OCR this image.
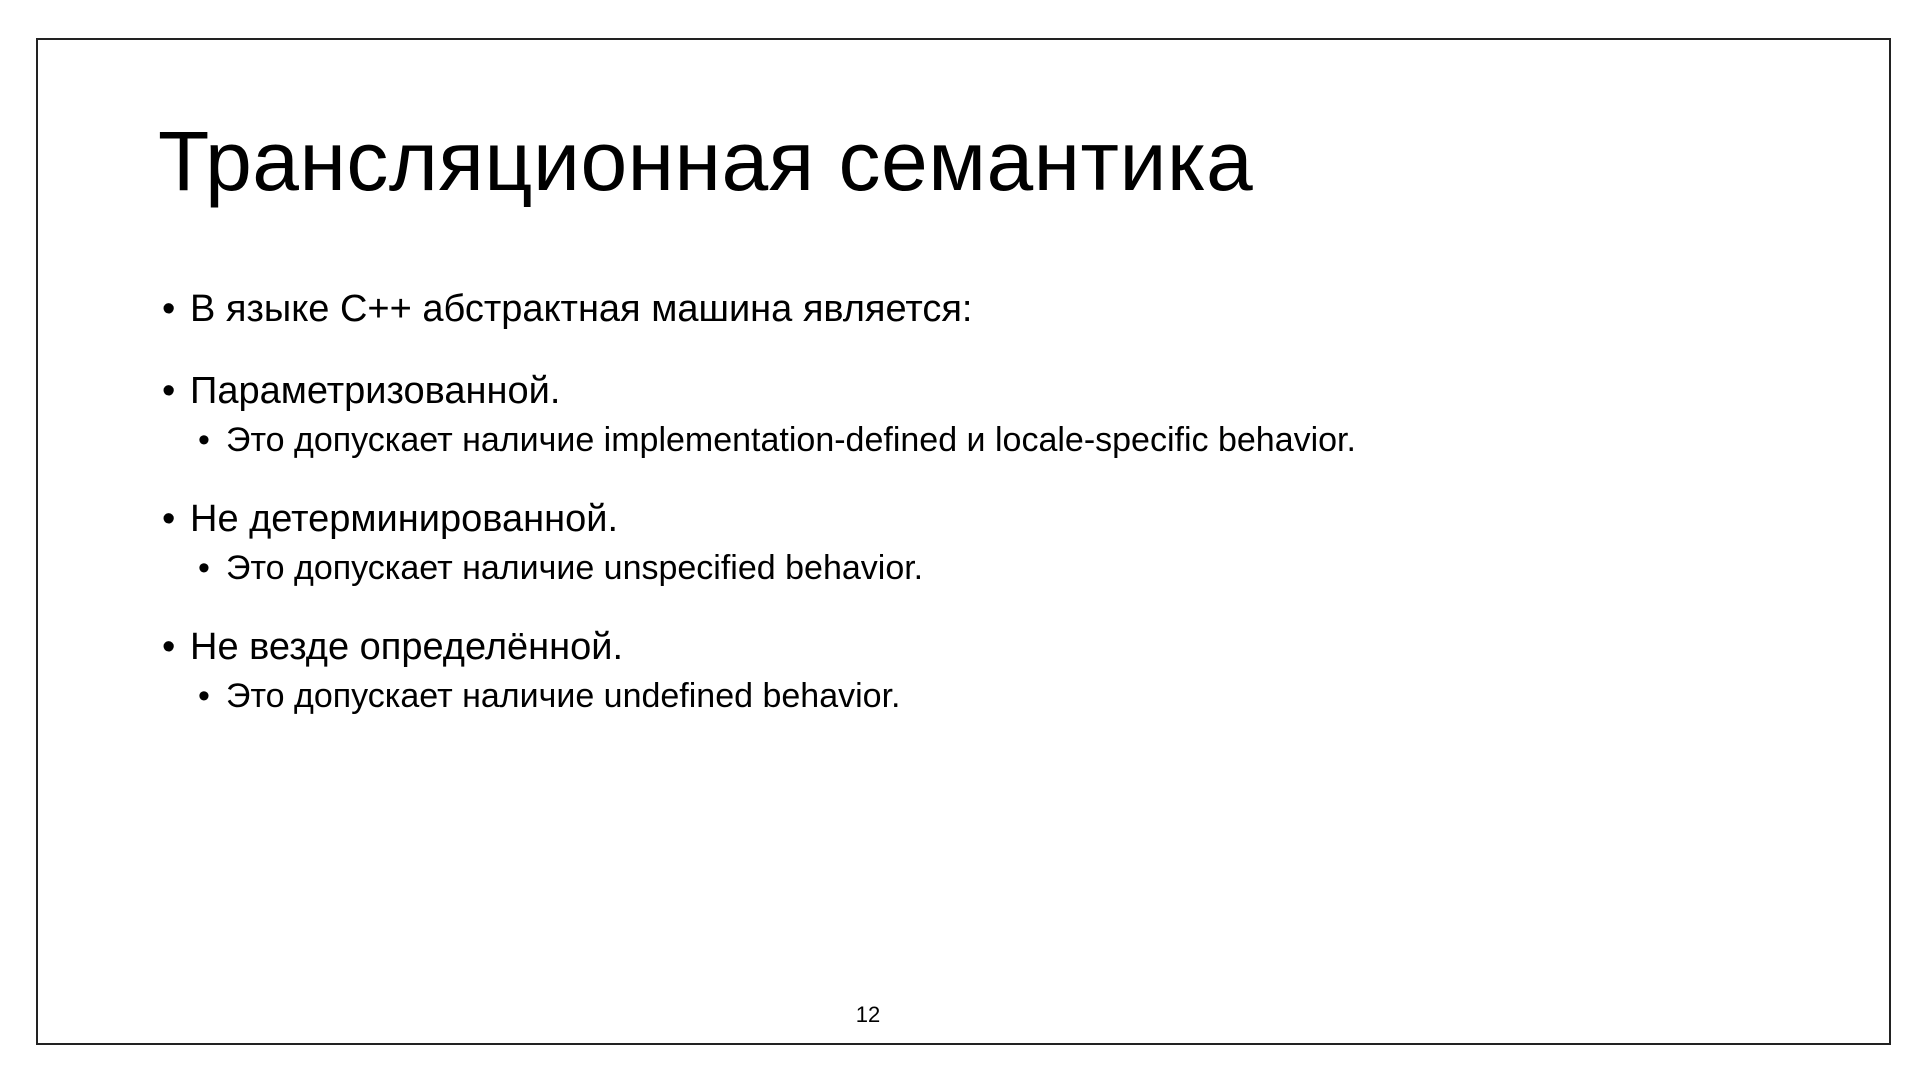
Трансляционная семантика
• В языке C++ абстрактная машина является:
• Параметризованной.
• Это допускает наличие implementation-defined и locale-specific behavior.
• Не детерминированной.
• Это допускает наличие unspecified behavior.
• Не везде определённой.
• Это допускает наличие undefined behavior.
12
